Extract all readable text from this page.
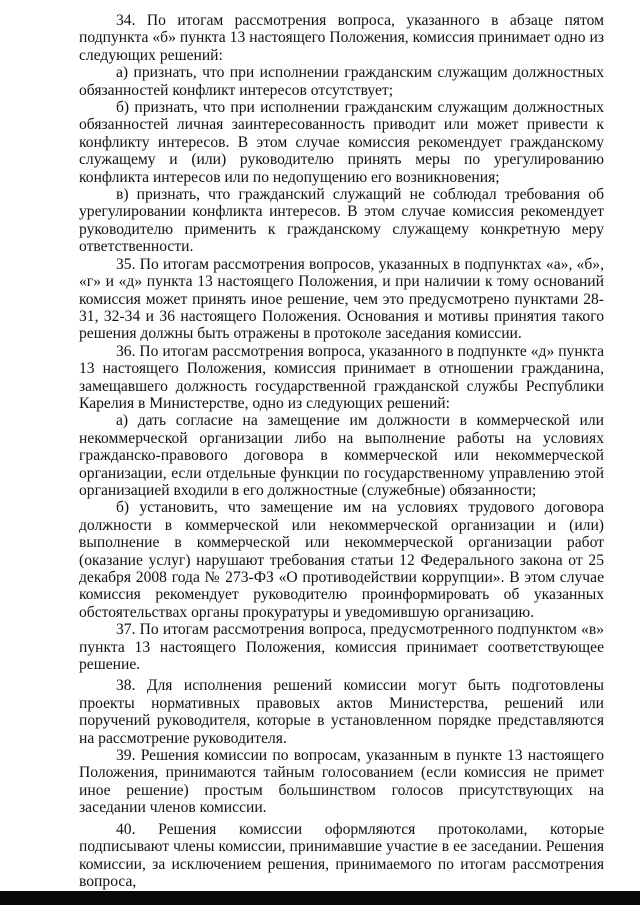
34. По итогам рассмотрения вопроса, указанного в абзаце пятом подпункта «б» пункта 13 настоящего Положения, комиссия принимает одно из следующих решений:

а) признать, что при исполнении гражданским служащим должностных обязанностей конфликт интересов отсутствует;

б) признать, что при исполнении гражданским служащим должностных обязанностей личная заинтересованность приводит или может привести к конфликту интересов. В этом случае комиссия рекомендует гражданскому служащему и (или) руководителю принять меры по урегулированию конфликта интересов или по недопущению его возникновения;

в) признать, что гражданский служащий не соблюдал требования об урегулировании конфликта интересов. В этом случае комиссия рекомендует руководителю применить к гражданскому служащему конкретную меру ответственности.

35. По итогам рассмотрения вопросов, указанных в подпунктах «а», «б», «г» и «д» пункта 13 настоящего Положения, и при наличии к тому оснований комиссия может принять иное решение, чем это предусмотрено пунктами 28-31, 32-34 и 36 настоящего Положения. Основания и мотивы принятия такого решения должны быть отражены в протоколе заседания комиссии.

36. По итогам рассмотрения вопроса, указанного в подпункте «д» пункта 13 настоящего Положения, комиссия принимает в отношении гражданина, замещавшего должность государственной гражданской службы Республики Карелия в Министерстве, одно из следующих решений:

а) дать согласие на замещение им должности в коммерческой или некоммерческой организации либо на выполнение работы на условиях гражданско-правового договора в коммерческой или некоммерческой организации, если отдельные функции по государственному управлению этой организацией входили в его должностные (служебные) обязанности;

б) установить, что замещение им на условиях трудового договора должности в коммерческой или некоммерческой организации и (или) выполнение в коммерческой или некоммерческой организации работ (оказание услуг) нарушают требования статьи 12 Федерального закона от 25 декабря 2008 года № 273-ФЗ «О противодействии коррупции». В этом случае комиссия рекомендует руководителю проинформировать об указанных обстоятельствах органы прокуратуры и уведомившую организацию.

37. По итогам рассмотрения вопроса, предусмотренного подпунктом «в» пункта 13 настоящего Положения, комиссия принимает соответствующее решение.

38. Для исполнения решений комиссии могут быть подготовлены проекты нормативных правовых актов Министерства, решений или поручений руководителя, которые в установленном порядке представляются на рассмотрение руководителя.

39. Решения комиссии по вопросам, указанным в пункте 13 настоящего Положения, принимаются тайным голосованием (если комиссия не примет иное решение) простым большинством голосов присутствующих на заседании членов комиссии.

40. Решения комиссии оформляются протоколами, которые подписывают члены комиссии, принимавшие участие в ее заседании. Решения комиссии, за исключением решения, принимаемого по итогам рассмотрения вопроса,
